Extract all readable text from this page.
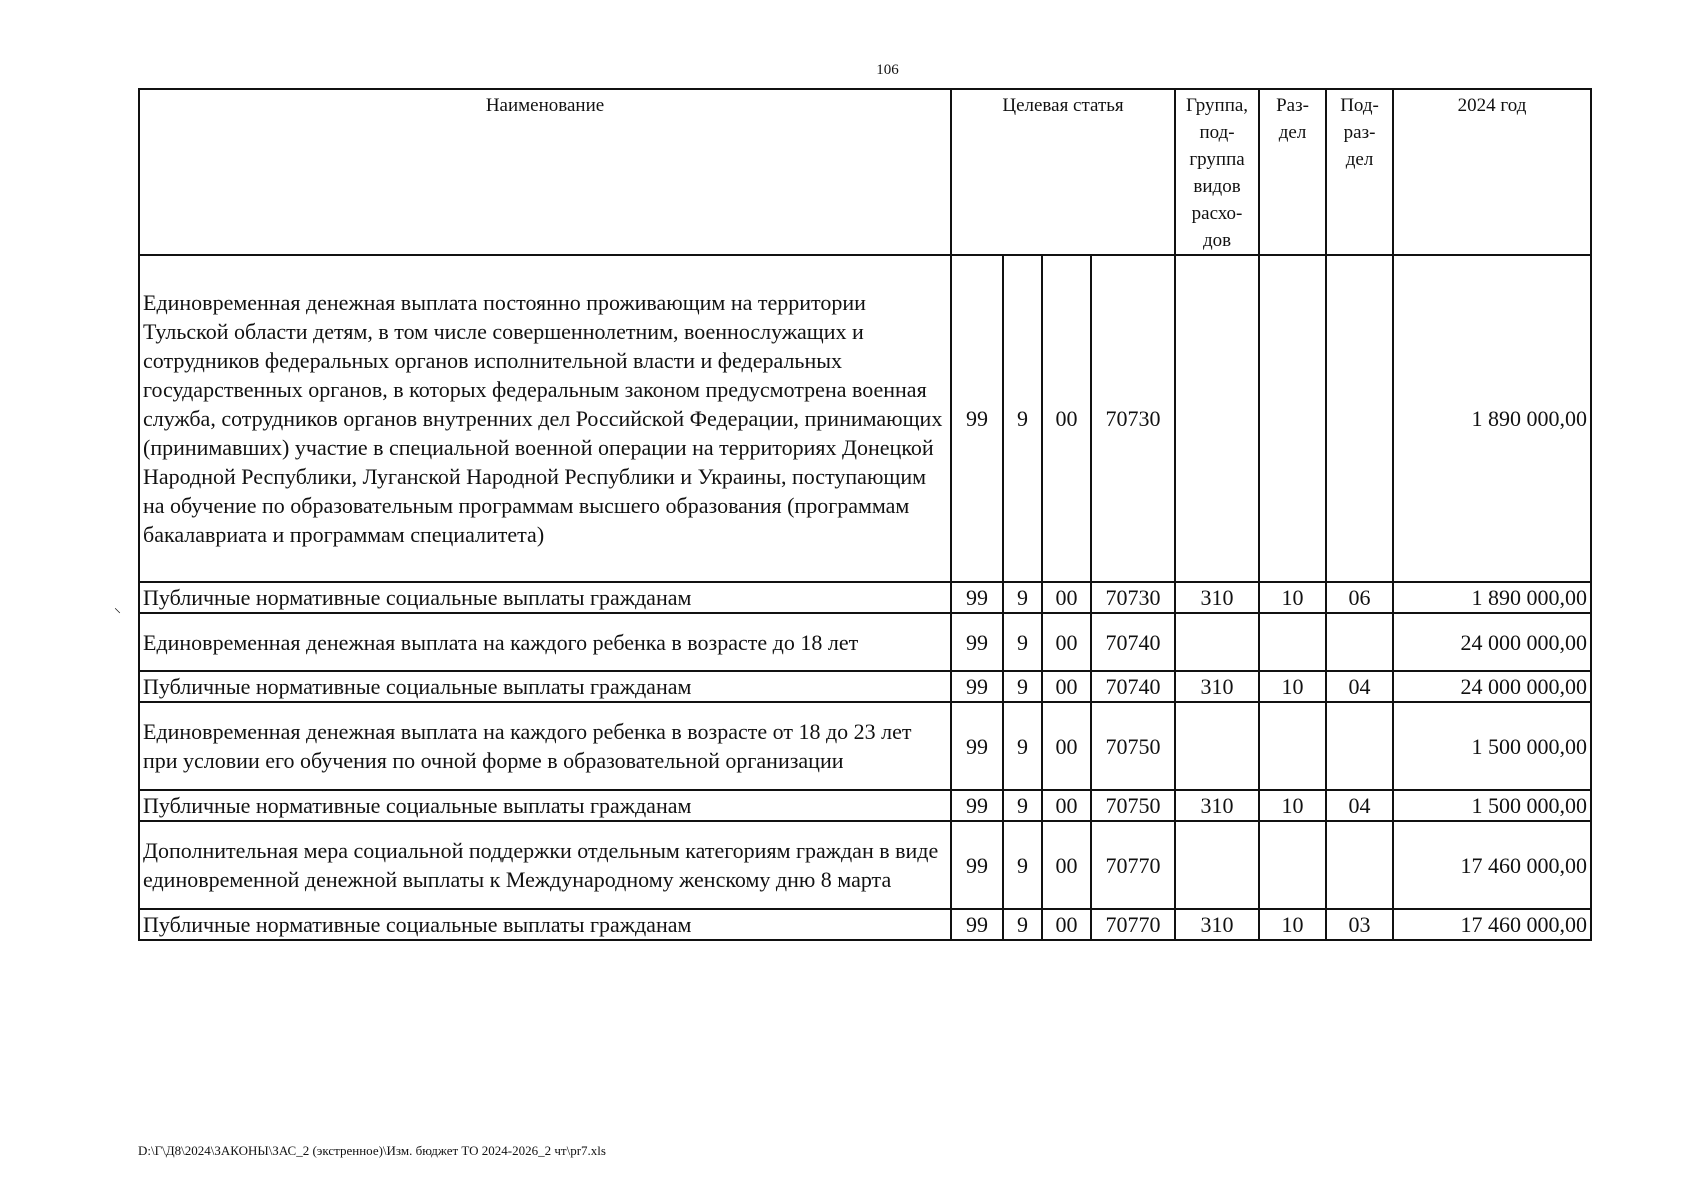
106
Наименование	Целевая статья				Группа, под-группа видов расхо-дов	Раз-дел	Под-раз-дел	2024 год
Единовременная денежная выплата постоянно проживающим на территории Тульской области детям, в том числе совершеннолетним, военнослужащих и сотрудников федеральных органов исполнительной власти и федеральных государственных органов, в которых федеральным законом предусмотрена военная служба, сотрудников органов внутренних дел Российской Федерации, принимающих (принимавших) участие в специальной военной операции на территориях Донецкой Народной Республики, Луганской Народной Республики и Украины, поступающим на обучение по образовательным программам высшего образования (программам бакалавриата и программам специалитета)	99	9	00	70730				1 890 000,00
Публичные нормативные социальные выплаты гражданам	99	9	00	70730	310	10	06	1 890 000,00
Единовременная денежная выплата на каждого ребенка в возрасте до 18 лет	99	9	00	70740				24 000 000,00
Публичные нормативные социальные выплаты гражданам	99	9	00	70740	310	10	04	24 000 000,00
Единовременная денежная выплата на каждого ребенка в возрасте от 18 до 23 лет при условии его обучения по очной форме в образовательной организации	99	9	00	70750				1 500 000,00
Публичные нормативные социальные выплаты гражданам	99	9	00	70750	310	10	04	1 500 000,00
Дополнительная мера социальной поддержки отдельным категориям граждан в виде единовременной денежной выплаты к Международному женскому дню 8 марта	99	9	00	70770				17 460 000,00
Публичные нормативные социальные выплаты гражданам	99	9	00	70770	310	10	03	17 460 000,00
⸌
D:\Г\Д8\2024\ЗАКОНЫ\ЗАС_2 (экстренное)\Изм. бюджет ТО 2024-2026_2 чт\pr7.xls
